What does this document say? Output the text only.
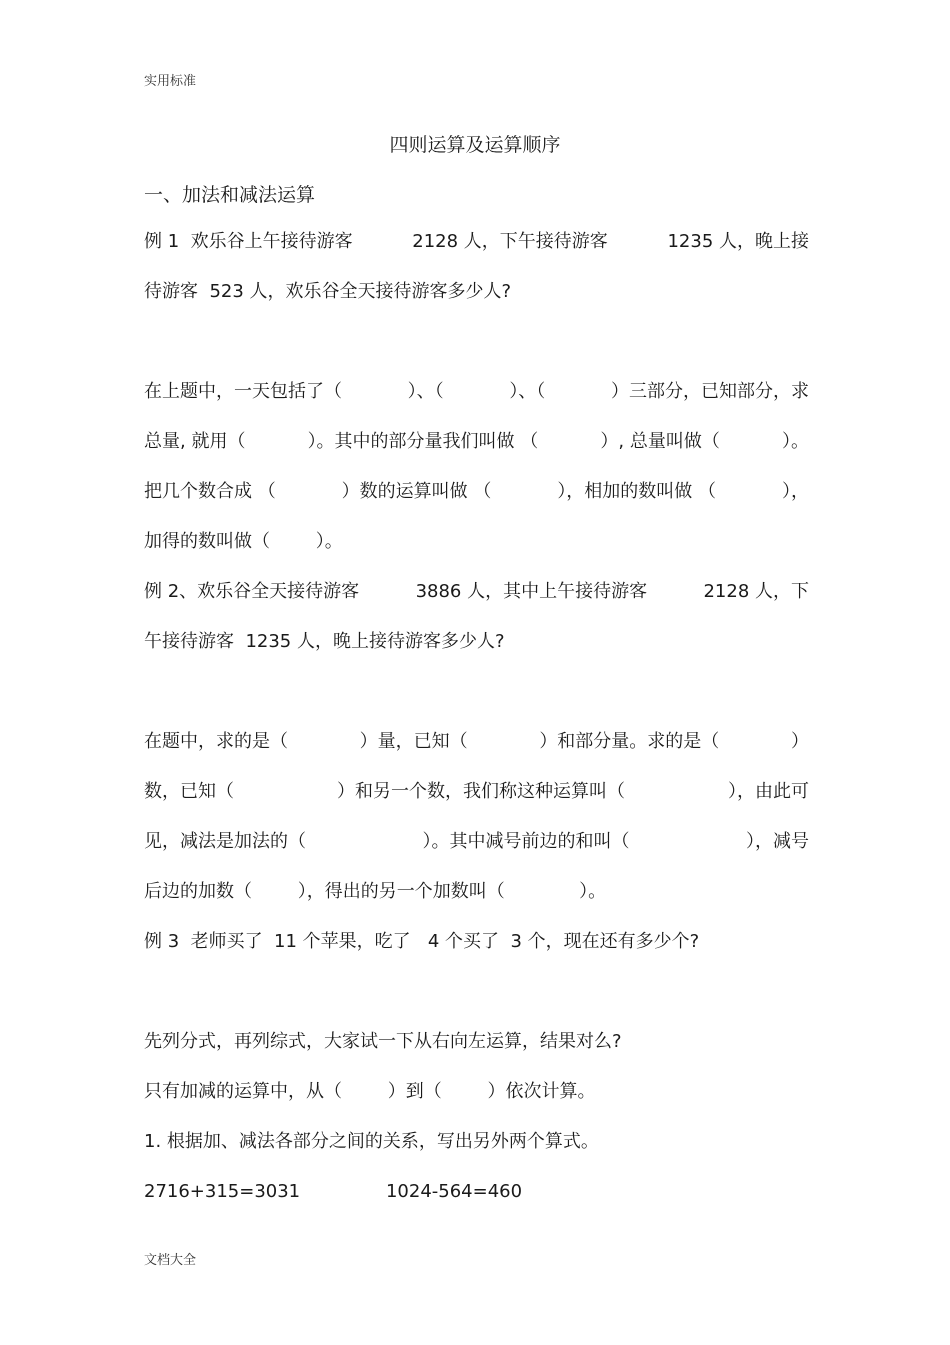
实用标准
四则运算及运算顺序
一、加法和减法运算
例 1  欢乐谷上午接待游客	2128 人，下午接待游客	1235 人，晚上接
待游客  523 人，欢乐谷全天接待游客多少人?
在上题中，一天包括了（	）、（	）、（	）三部分，已知部分，求
总量, 就用（	）。其中的部分量我们叫做 （	）, 总量叫做（	）。
把几个数合成 （	）数的运算叫做 （	），相加的数叫做 （	），
加得的数叫做（        ）。
例 2、欢乐谷全天接待游客	3886 人，其中上午接待游客	2128 人，下
午接待游客  1235 人，晚上接待游客多少人?
在题中，求的是（	）量，已知（	）和部分量。求的是（	）
数，已知（	）和另一个数，我们称这种运算叫（	），由此可
见，减法是加法的（	）。其中减号前边的和叫（	），减号
后边的加数（        ），得出的另一个加数叫（             ）。
例 3  老师买了  11 个苹果，吃了   4 个买了  3 个，现在还有多少个?
先列分式，再列综式，大家试一下从右向左运算，结果对么?
只有加减的运算中，从（        ）到（        ）依次计算。
1. 根据加、减法各部分之间的关系，写出另外两个算式。
2716+315=3031               1024-564=460
文档大全
